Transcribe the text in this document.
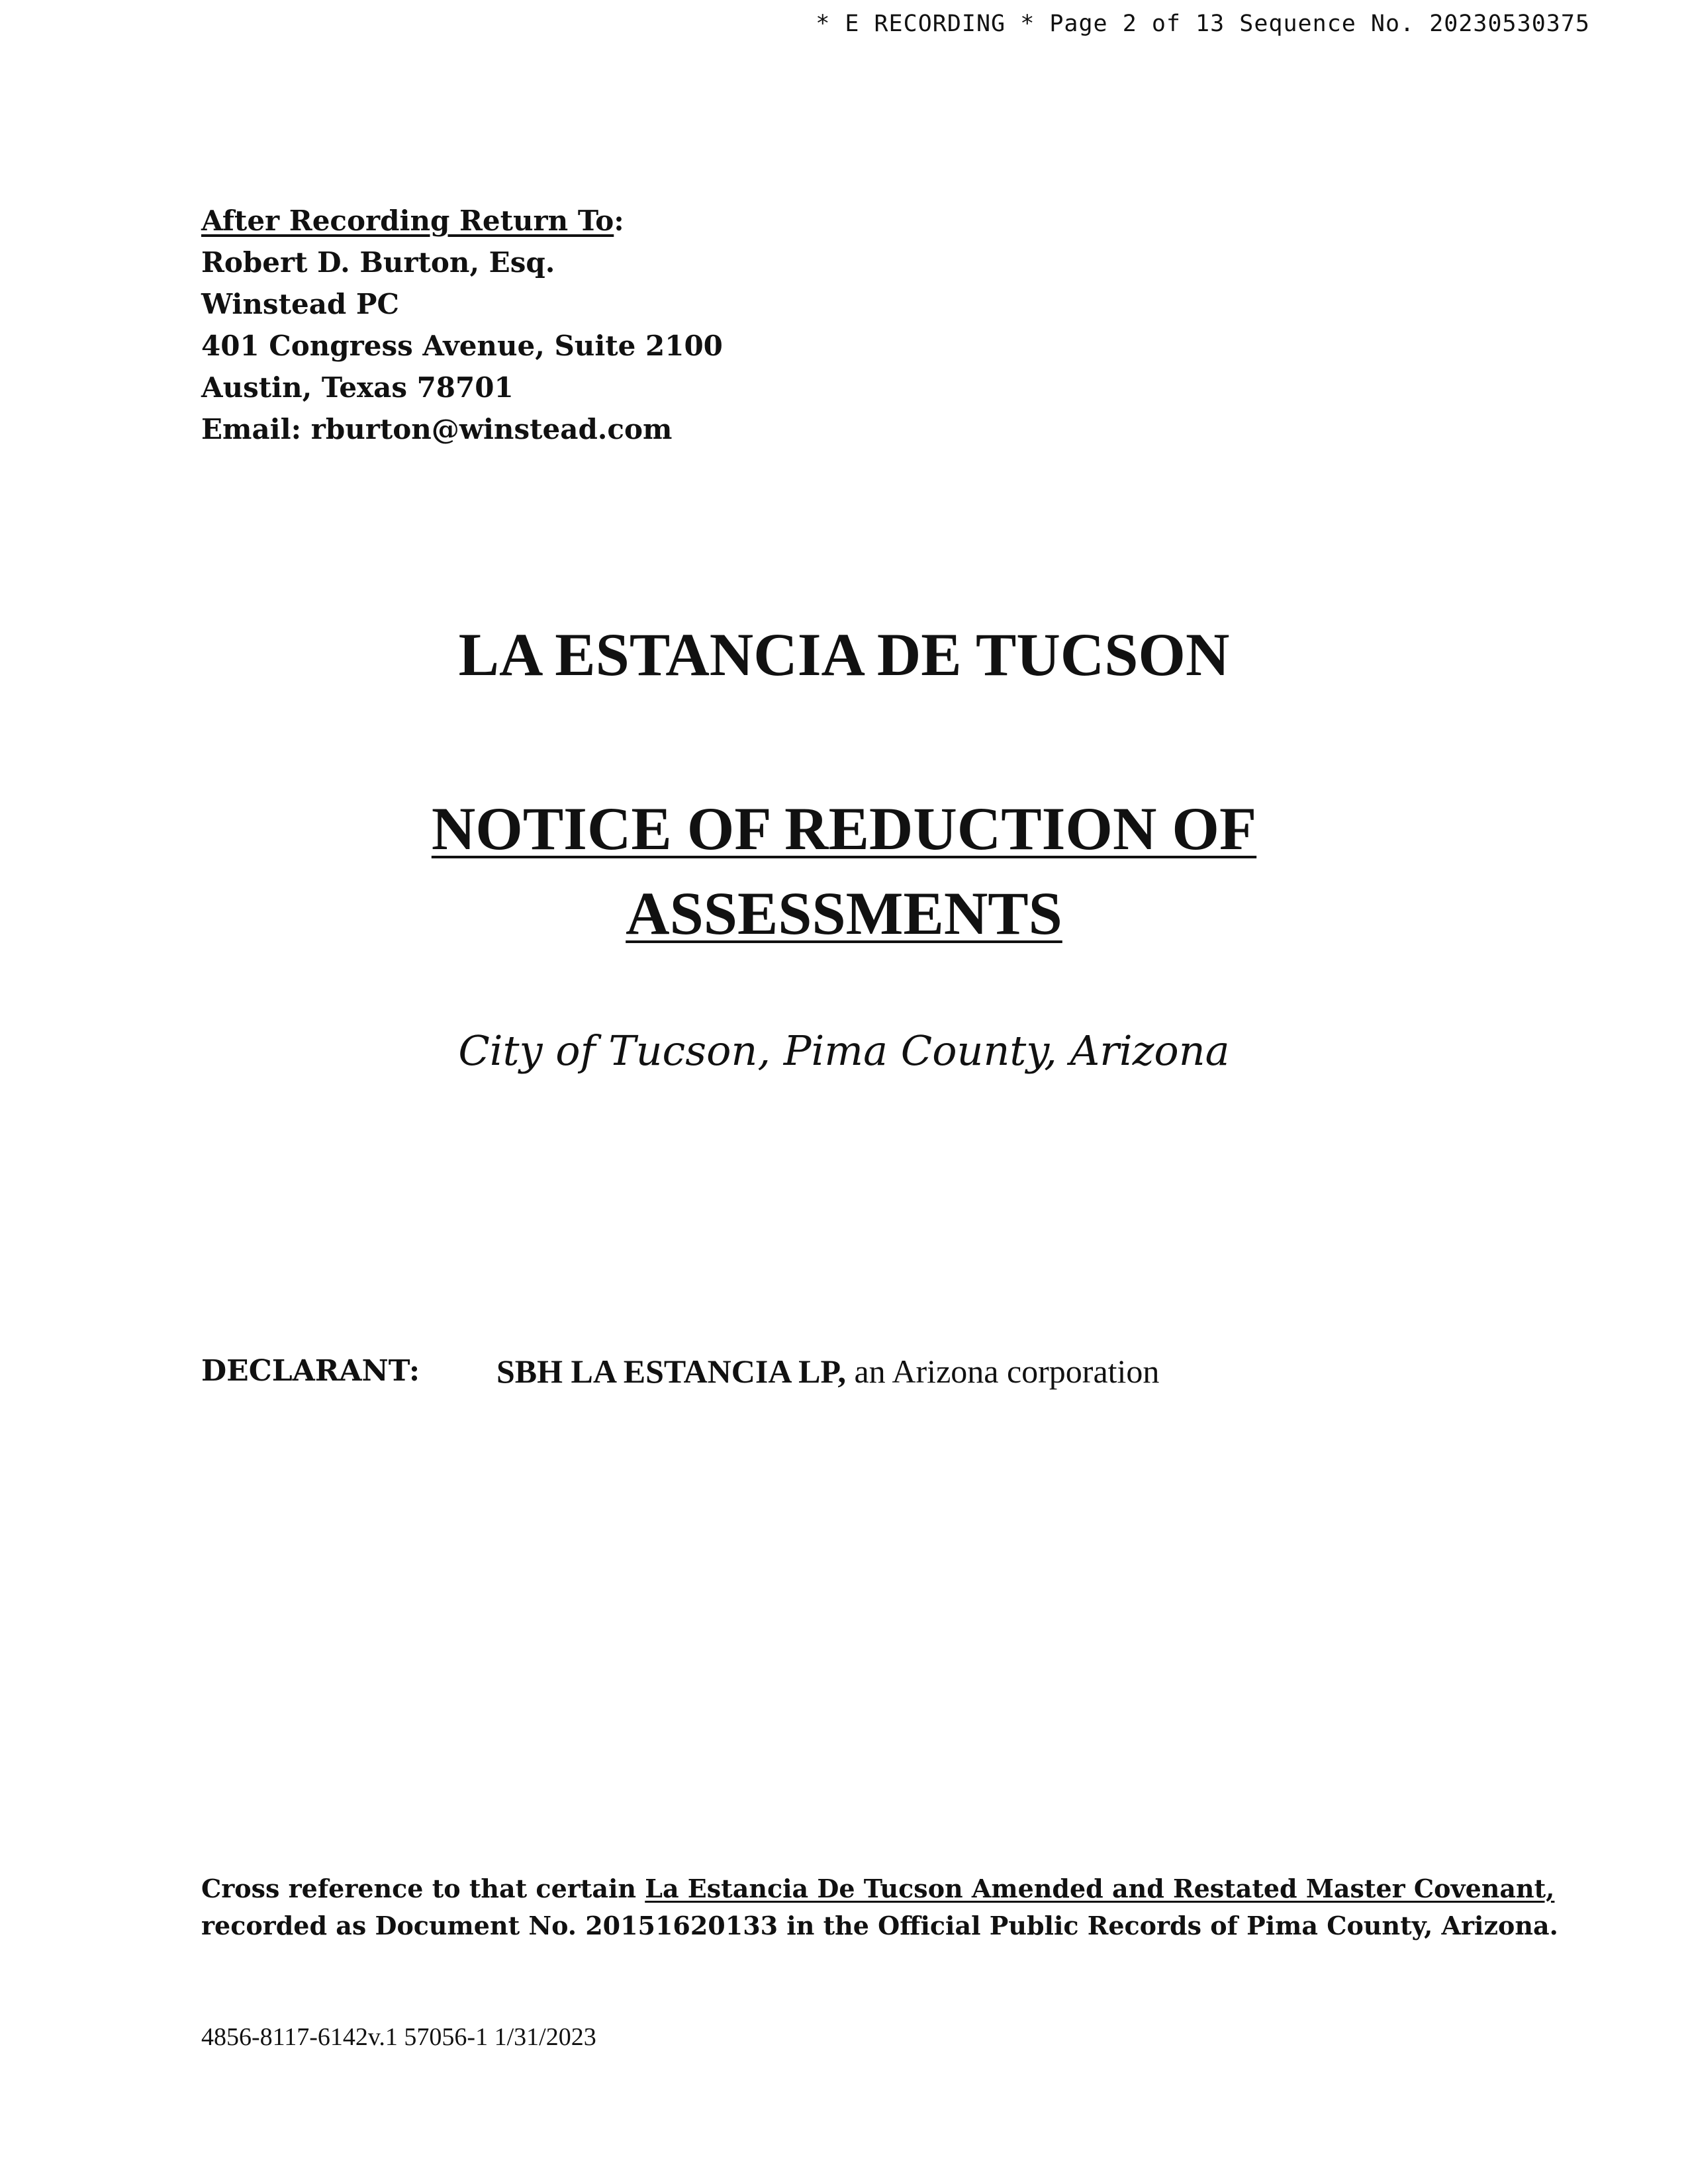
* E RECORDING * Page 2 of 13 Sequence No. 20230530375
After Recording Return To:
Robert D. Burton, Esq.
Winstead PC
401 Congress Avenue, Suite 2100
Austin, Texas 78701
Email: rburton@winstead.com
LA ESTANCIA DE TUCSON
NOTICE OF REDUCTION OF
ASSESSMENTS
City of Tucson, Pima County, Arizona
DECLARANT: SBH LA ESTANCIA LP, an Arizona corporation
Cross reference to that certain La Estancia De Tucson Amended and Restated Master Covenant,
recorded as Document No. 20151620133 in the Official Public Records of Pima County, Arizona.
4856-8117-6142v.1 57056-1 1/31/2023
